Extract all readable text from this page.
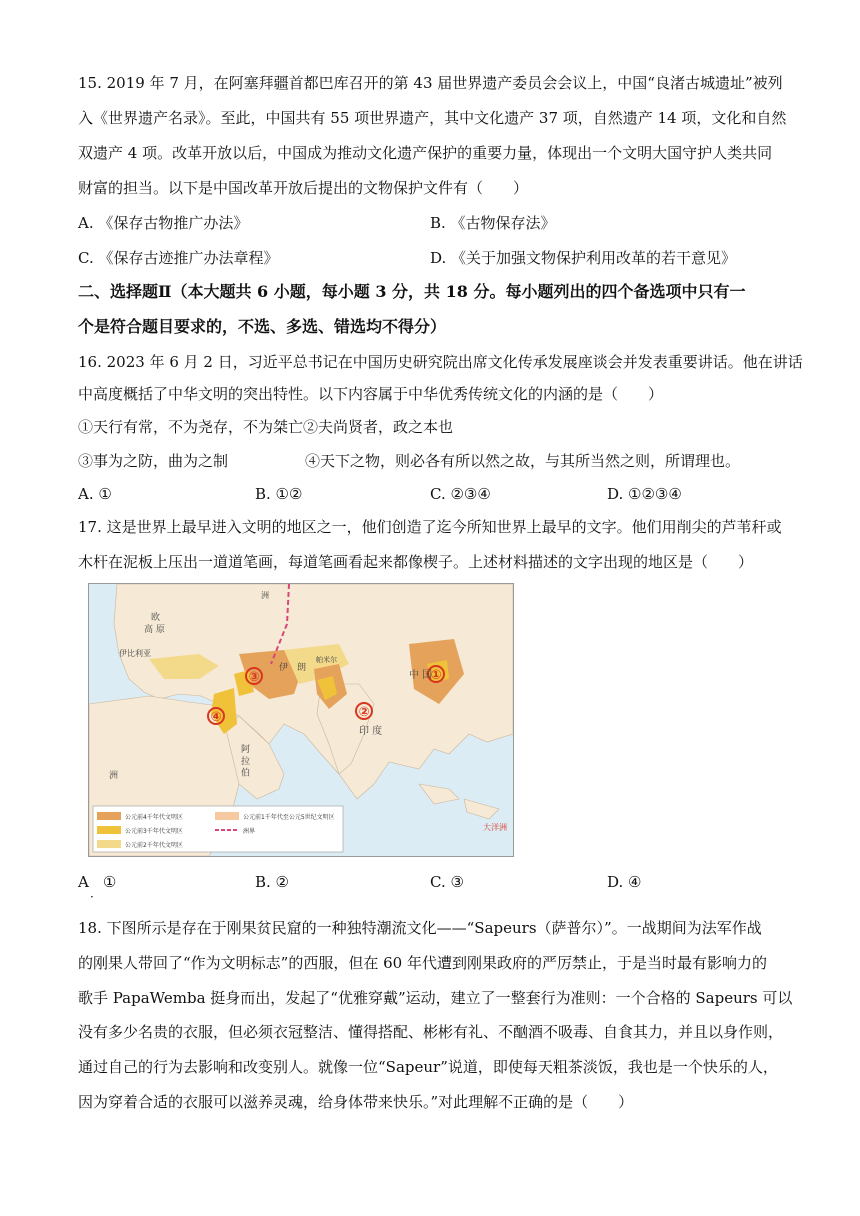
15. 2019 年 7 月，在阿塞拜疆首都巴库召开的第 43 届世界遗产委员会会议上，中国“良渚古城遗址”被列
入《世界遗产名录》。至此，中国共有 55 项世界遗产，其中文化遗产 37 项，自然遗产 14 项，文化和自然
双遗产 4 项。改革开放以后，中国成为推动文化遗产保护的重要力量，体现出一个文明大国守护人类共同
财富的担当。以下是中国改革开放后提出的文物保护文件有（　　）
A. 《保存古物推广办法》	B. 《古物保存法》
C. 《保存古迹推广办法章程》	D. 《关于加强文物保护利用改革的若干意见》
二、选择题Ⅱ（本大题共 6 小题，每小题 3 分，共 18 分。每小题列出的四个备选项中只有一
个是符合题目要求的，不选、多选、错选均不得分）
16. 2023 年 6 月 2 日，习近平总书记在中国历史研究院出席文化传承发展座谈会并发表重要讲话。他在讲话
中高度概括了中华文明的突出特性。以下内容属于中华优秀传统文化的内涵的是（　　）
①天行有常，不为尧存，不为桀亡②夫尚贤者，政之本也
③事为之防，曲为之制	④天下之物，则必各有所以然之故，与其所当然之则，所谓理也。
A. ①	B. ①②	C. ②③④	D. ①②③④
17. 这是世界上最早进入文明的地区之一，他们创造了迄今所知世界上最早的文字。他们用削尖的芦苇秆或
木杆在泥板上压出一道道笔画，每道笔画看起来都像楔子。上述材料描述的文字出现的地区是（　　）
①
②
③
④
洲
欧
高 原
伊比利亚
伊　朗
帕米尔
阿 拉 伯
印 度
中 国
洲
大洋洲
公元前4千年代文明区
公元前3千年代文明区
公元前2千年代文明区
公元前1千年代至公元5世纪文明区
洲界
A ①
·
B. ②	C. ③	D. ④
18. 下图所示是存在于刚果贫民窟的一种独特潮流文化——“Sapeurs（萨普尔）”。一战期间为法军作战
的刚果人带回了“作为文明标志”的西服，但在 60 年代遭到刚果政府的严厉禁止，于是当时最有影响力的
歌手 PapaWemba 挺身而出，发起了“优雅穿戴”运动，建立了一整套行为准则：一个合格的 Sapeurs 可以
没有多少名贵的衣服，但必须衣冠整洁、懂得搭配、彬彬有礼、不酗酒不吸毒、自食其力，并且以身作则，
通过自己的行为去影响和改变别人。就像一位“Sapeur”说道，即使每天粗茶淡饭，我也是一个快乐的人，
因为穿着合适的衣服可以滋养灵魂，给身体带来快乐。”对此理解不正确的是（　　）
